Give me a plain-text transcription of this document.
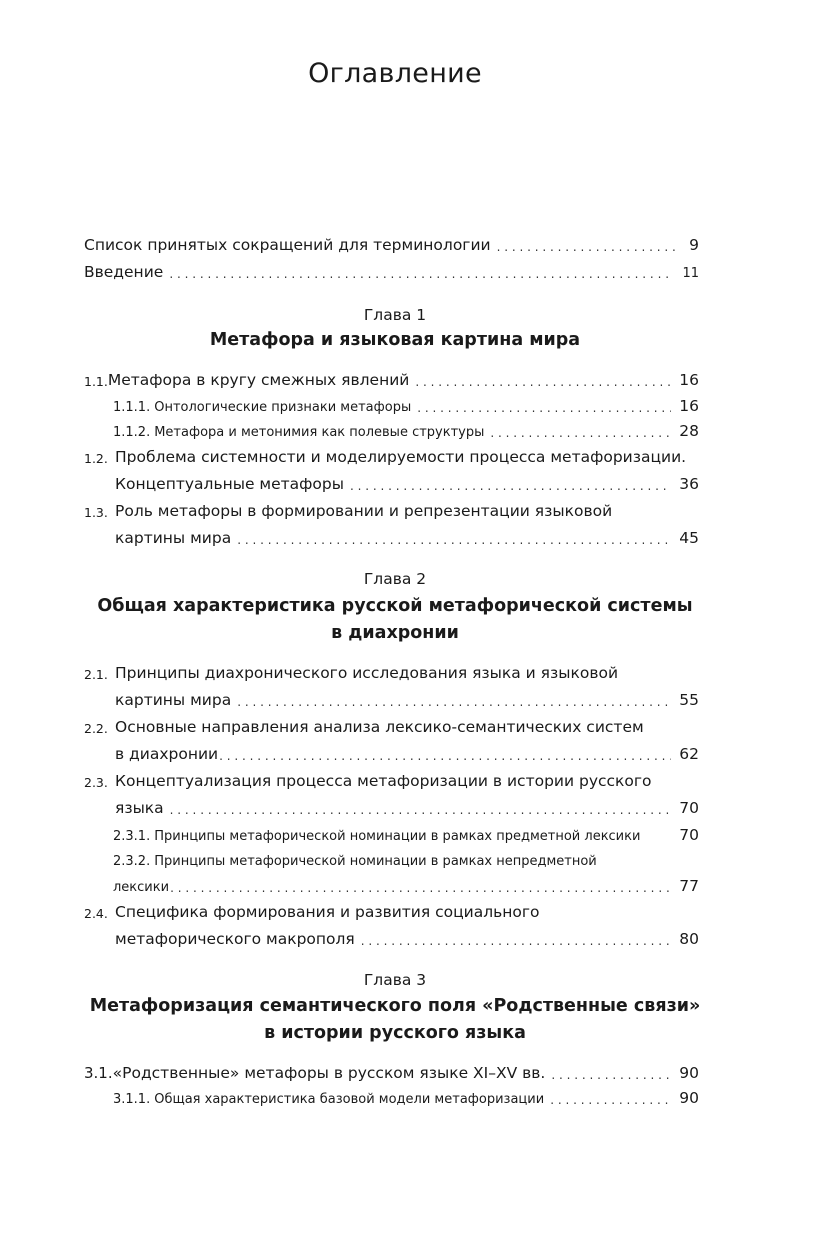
Оглавление
Список принятых сокращений для терминологии . . .	9
Введение . . .	11
Глава 1
Метафора и языковая картина мира
1.1. Метафора в кругу смежных явлений . . .	16
1.1.1. Онтологические признаки метафоры . . .	16
1.1.2. Метафора и метонимия как полевые структуры . . .	28
1.2. Проблема системности и моделируемости процесса метафоризации.
Концептуальные метафоры . . .	36
1.3. Роль метафоры в формировании и репрезентации языковой
картины мира . . .	45
Глава 2
Общая характеристика русской метафорической системы
в диахронии
2.1. Принципы диахронического исследования языка и языковой
картины мира . . .	55
2.2. Основные направления анализа лексико-семантических систем
в диахронии . . .	62
2.3. Концептуализация процесса метафоризации в истории русского
языка . . .	70
2.3.1. Принципы метафорической номинации в рамках предметной лексики	70
2.3.2. Принципы метафорической номинации в рамках непредметной
лексики . . .	77
2.4. Специфика формирования и развития социального
метафорического макрополя . . .	80
Глава 3
Метафоризация семантического поля «Родственные связи»
в истории русского языка
3.1. «Родственные» метафоры в русском языке XI–XV вв. . . .	90
3.1.1. Общая характеристика базовой модели метафоризации . . .	90
